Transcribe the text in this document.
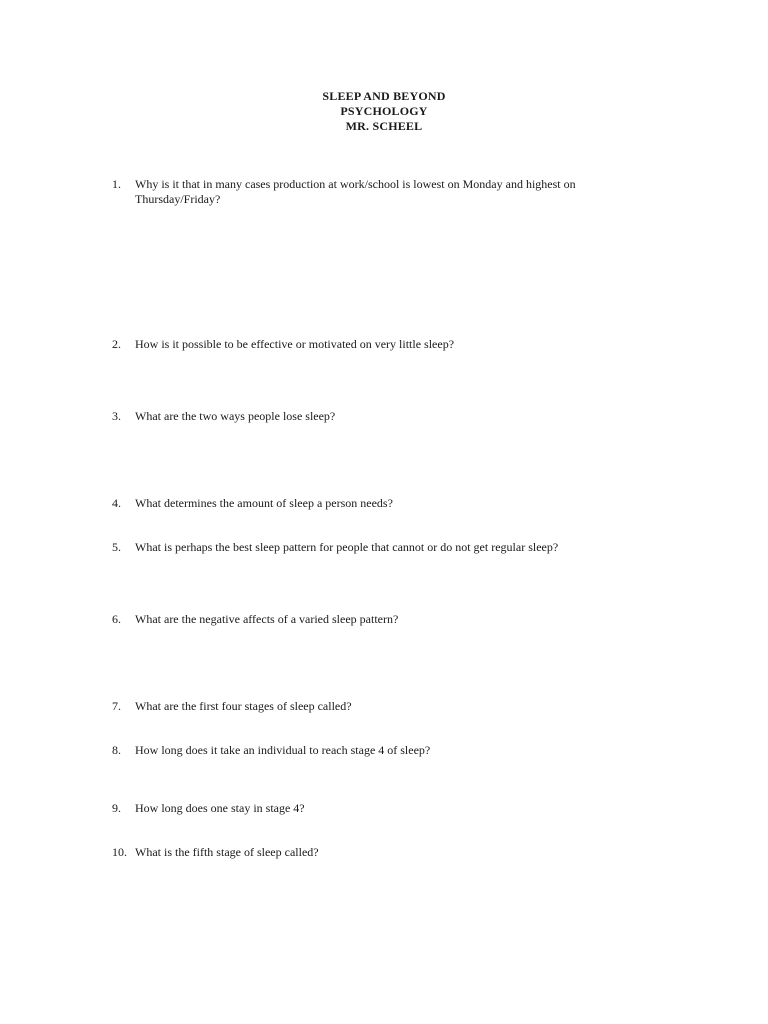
SLEEP AND BEYOND
PSYCHOLOGY
MR. SCHEEL
1.	Why is it that in many cases production at work/school is lowest on Monday and highest on Thursday/Friday?
2.	How is it possible to be effective or motivated on very little sleep?
3.	What are the two ways people lose sleep?
4.	What determines the amount of sleep a person needs?
5.	What is perhaps the best sleep pattern for people that cannot or do not get regular sleep?
6.	What are the negative affects of a varied sleep pattern?
7.	What are the first four stages of sleep called?
8.	How long does it take an individual to reach stage 4 of sleep?
9.	How long does one stay in stage 4?
10. What is the fifth stage of sleep called?
